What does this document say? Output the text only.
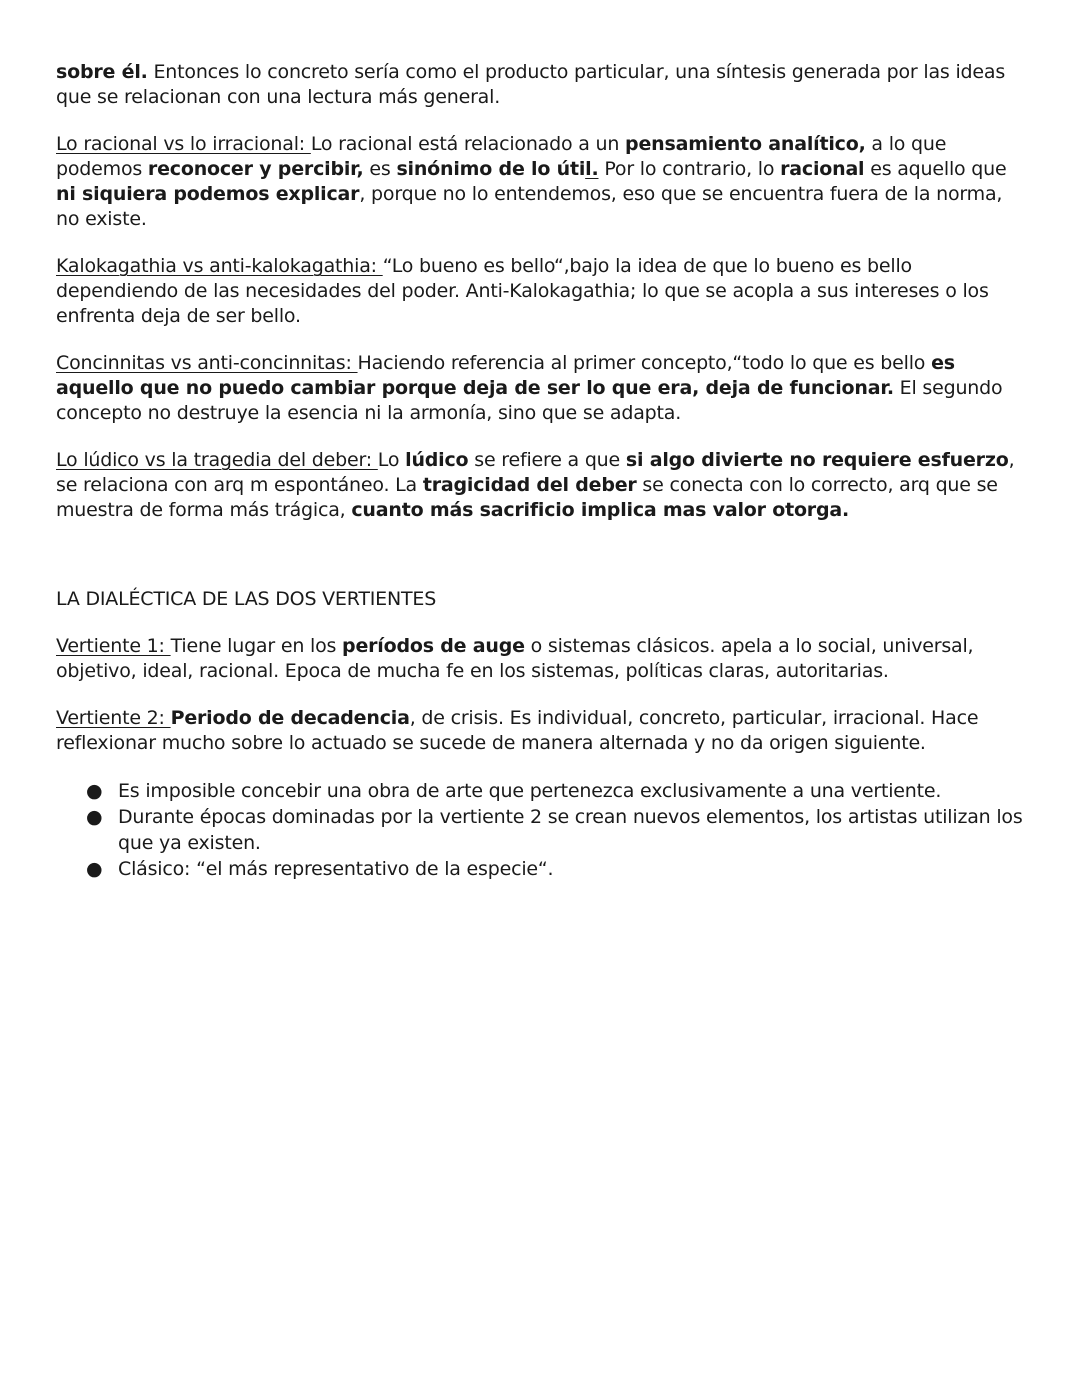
sobre él. Entonces lo concreto sería como el producto particular, una síntesis generada por las ideas que se relacionan con una lectura más general.

Lo racional vs lo irracional: Lo racional está relacionado a un pensamiento analítico, a lo que podemos reconocer y percibir, es sinónimo de lo útil. Por lo contrario, lo racional es aquello que ni siquiera podemos explicar, porque no lo entendemos, eso que se encuentra fuera de la norma, no existe.

Kalokagathia vs anti-kalokagathia: “Lo bueno es bello“,bajo la idea de que lo bueno es bello dependiendo de las necesidades del poder. Anti-Kalokagathia; lo que se acopla a sus intereses o los enfrenta deja de ser bello.

Concinnitas vs anti-concinnitas: Haciendo referencia al primer concepto,“todo lo que es bello es aquello que no puedo cambiar porque deja de ser lo que era, deja de funcionar. El segundo concepto no destruye la esencia ni la armonía, sino que se adapta.

Lo lúdico vs la tragedia del deber: Lo lúdico se refiere a que si algo divierte no requiere esfuerzo, se relaciona con arq m espontáneo. La tragicidad del deber se conecta con lo correcto, arq que se muestra de forma más trágica, cuanto más sacrificio implica mas valor otorga.

LA DIALÉCTICA DE LAS DOS VERTIENTES

Vertiente 1: Tiene lugar en los períodos de auge o sistemas clásicos. apela a lo social, universal, objetivo, ideal, racional. Epoca de mucha fe en los sistemas, políticas claras, autoritarias.

Vertiente 2: Periodo de decadencia, de crisis. Es individual, concreto, particular, irracional. Hace reflexionar mucho sobre lo actuado se sucede de manera alternada y no da origen siguiente.

● Es imposible concebir una obra de arte que pertenezca exclusivamente a una vertiente.
● Durante épocas dominadas por la vertiente 2 se crean nuevos elementos, los artistas utilizan los que ya existen.
● Clásico: “el más representativo de la especie“.
